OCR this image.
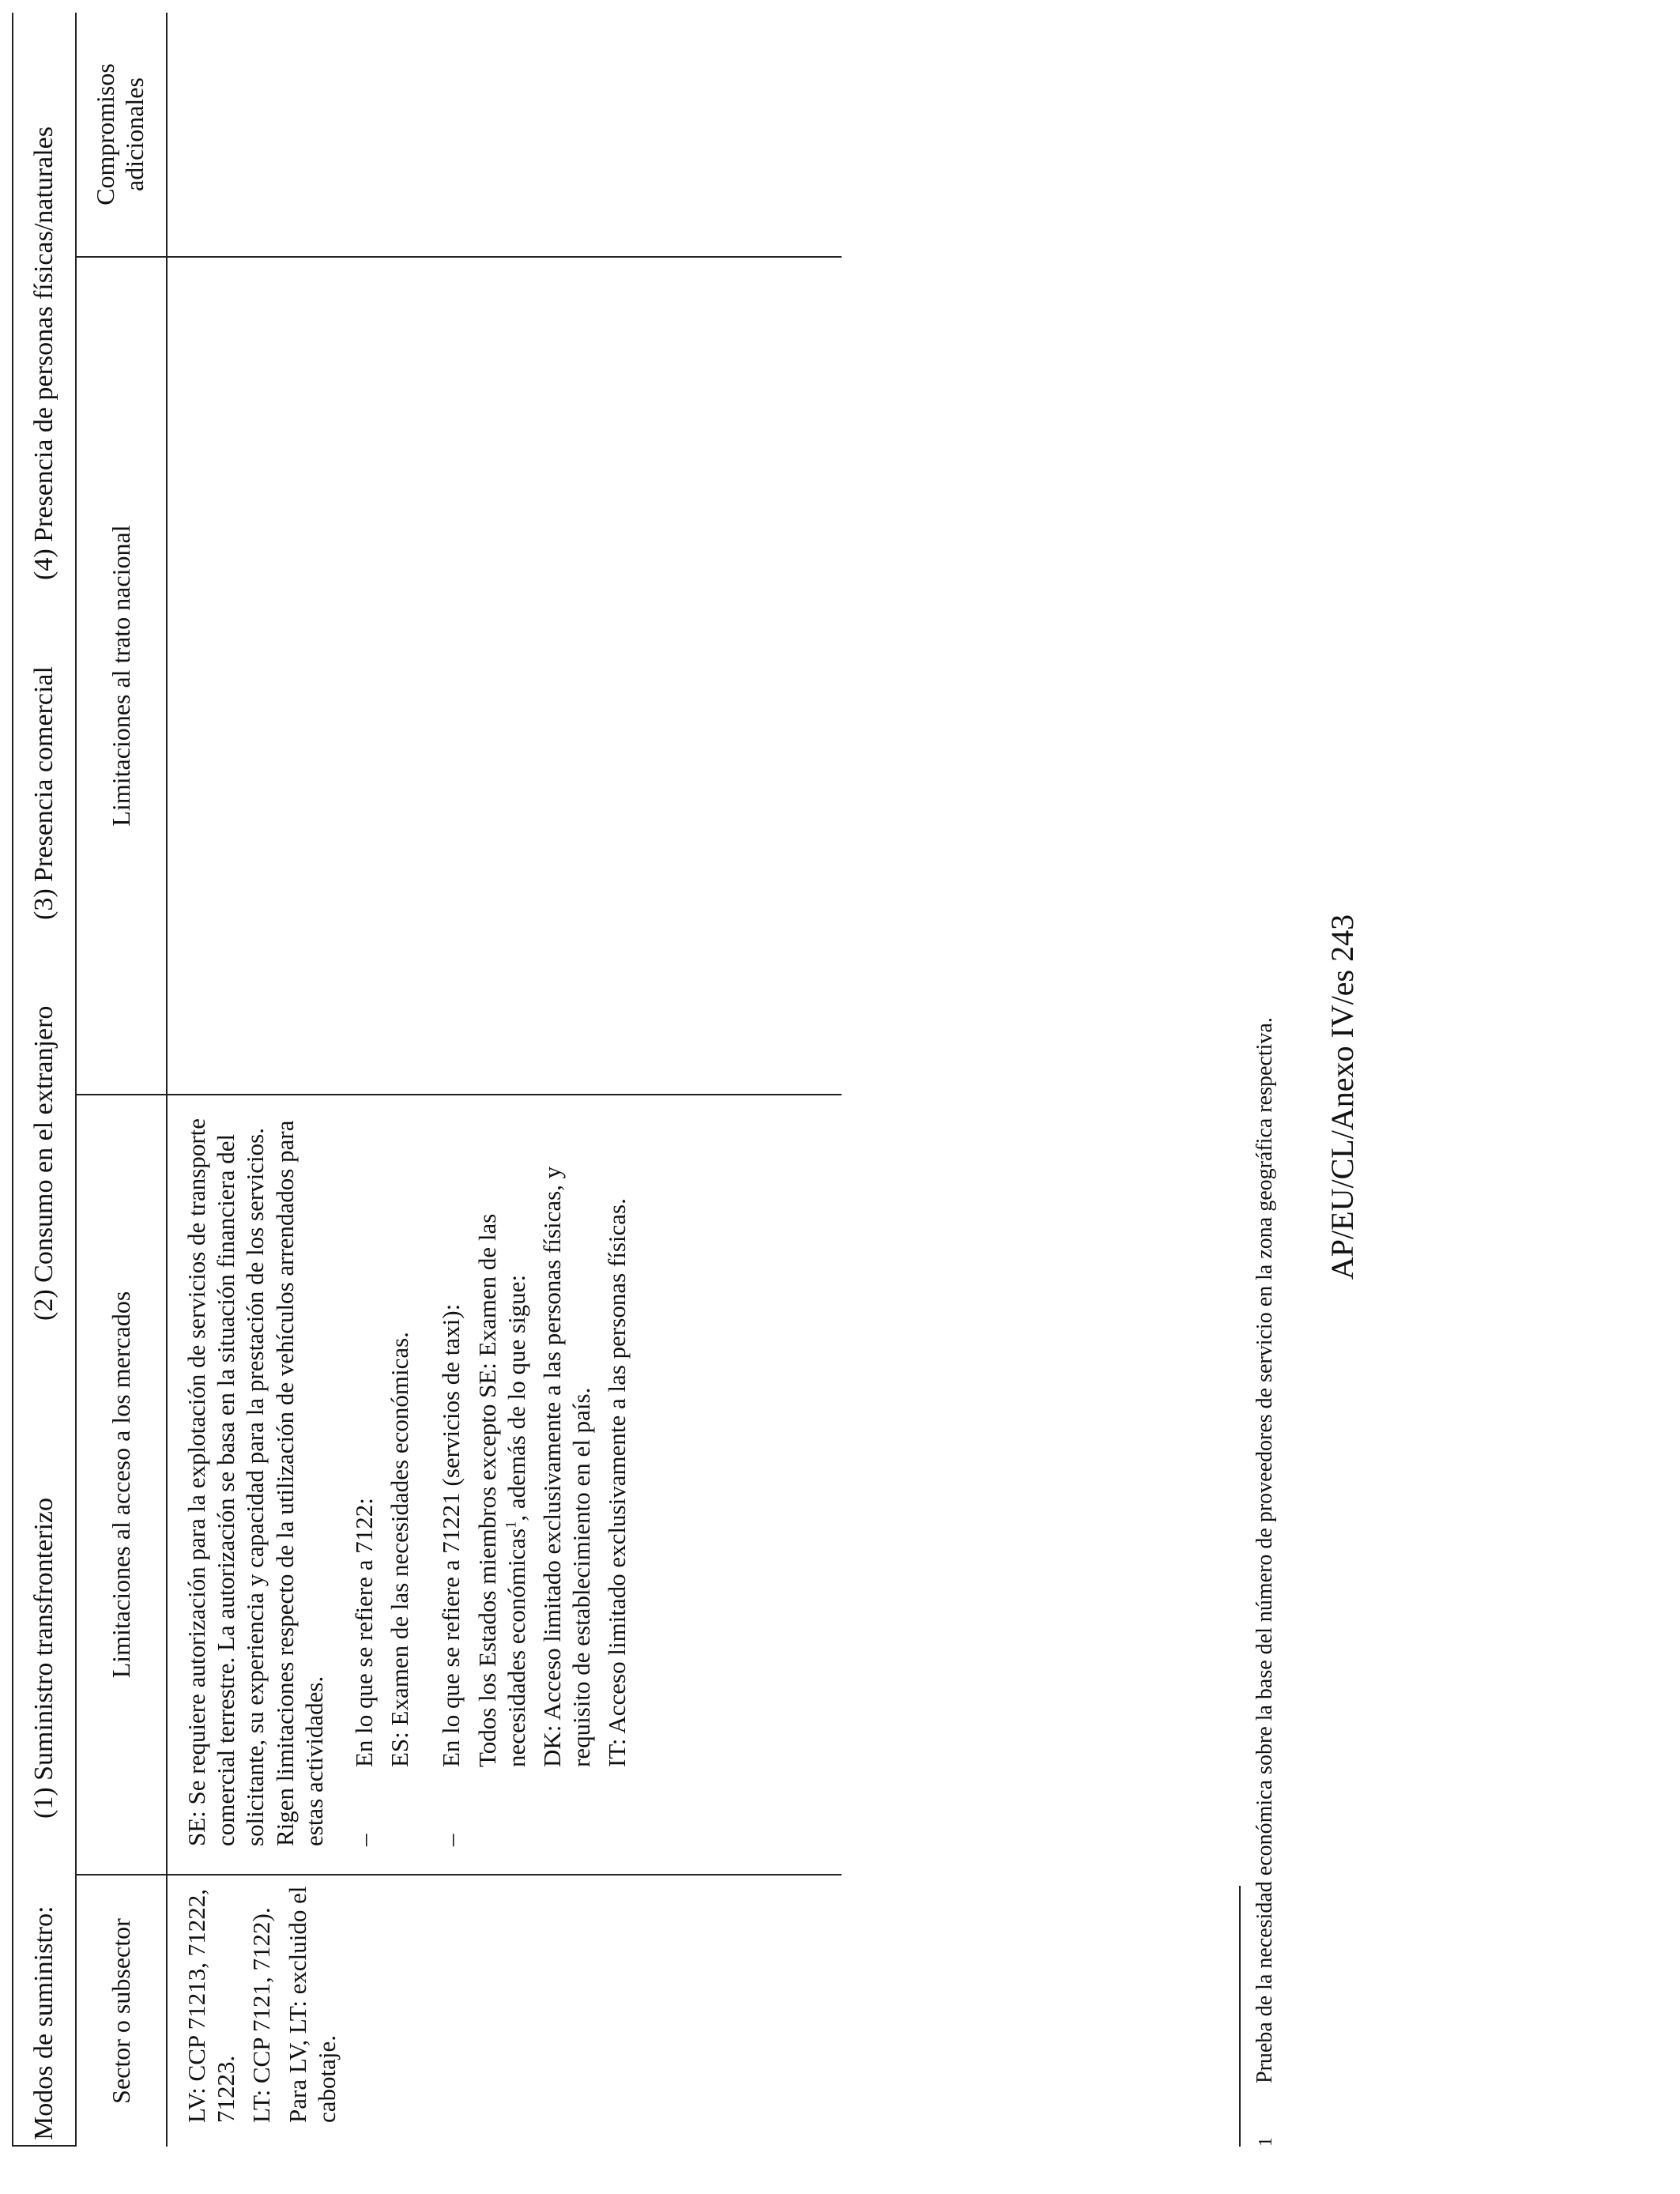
Modos de suministro:
(1) Suministro transfronterizo
(2) Consumo en el extranjero
(3) Presencia comercial
(4) Presencia de personas físicas/naturales
Sector o subsector
Limitaciones al acceso a los mercados
Limitaciones al trato nacional
Compromisos adicionales

LV: CCP 71213, 71222, 71223. LT: CCP 7121, 7122). Para LV, LT: excluido el cabotaje.

SE: Se requiere autorización para la explotación de servicios de transporte comercial terrestre. La autorización se basa en la situación financiera del solicitante, su experiencia y capacidad para la prestación de los servicios. Rigen limitaciones respecto de la utilización de vehículos arrendados para estas actividades. –

En lo que se refiere a 7122: ES: Examen de las necesidades económicas.

–

En lo que se refiere a 71221 (servicios de taxi): Todos los Estados miembros excepto SE: Examen de las necesidades económicas$^1$, además de lo que sigue: DK: Acceso limitado exclusivamente a las personas físicas, y requisito de establecimiento en el país. IT: Acceso limitado exclusivamente a las personas físicas.

1Prueba de la necesidad económica sobre la base del número de proveedores de servicio en la zona geográfica respectiva. AP/EU/CL/Anexo IV/es 243
